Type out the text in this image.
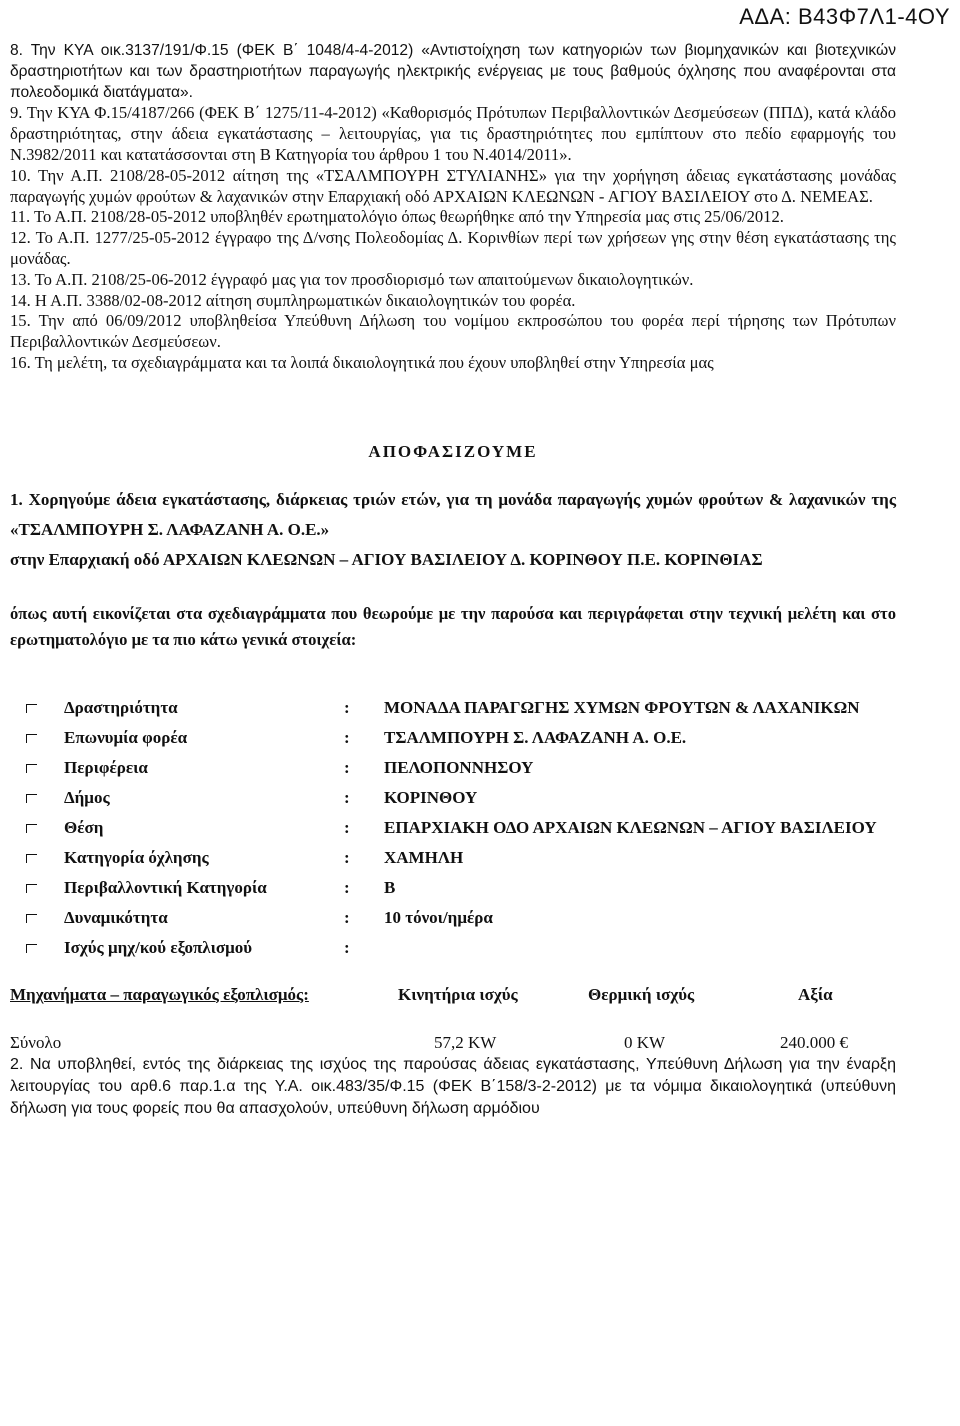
ΑΔΑ: Β43Φ7Λ1-4ΟΥ

8. Την ΚΥΑ οικ.3137/191/Φ.15 (ΦΕΚ Β΄ 1048/4-4-2012) «Αντιστοίχηση των κατηγοριών των βιομηχανικών και βιοτεχνικών δραστηριοτήτων και των δραστηριοτήτων παραγωγής ηλεκτρικής ενέργειας με τους βαθμούς όχλησης που αναφέρονται στα πολεοδομικά διατάγματα».

9. Την ΚΥΑ Φ.15/4187/266 (ΦΕΚ Β΄ 1275/11-4-2012) «Καθορισμός Πρότυπων Περιβαλλοντικών Δεσμεύσεων (ΠΠΔ), κατά κλάδο δραστηριότητας, στην άδεια εγκατάστασης – λειτουργίας, για τις δραστηριότητες που εμπίπτουν στο πεδίο εφαρμογής του Ν.3982/2011 και κατατάσσονται στη Β Κατηγορία του άρθρου 1 του Ν.4014/2011».

10. Την Α.Π. 2108/28-05-2012 αίτηση της «ΤΣΑΛΜΠΟΥΡΗ ΣΤΥΛΙΑΝΗΣ» για την χορήγηση άδειας εγκατάστασης μονάδας παραγωγής χυμών φρούτων & λαχανικών στην Επαρχιακή οδό ΑΡΧΑΙΩΝ ΚΛΕΩΝΩΝ - ΑΓΙΟΥ ΒΑΣΙΛΕΙΟΥ στο Δ. ΝΕΜΕΑΣ.

11. Το Α.Π. 2108/28-05-2012 υποβληθέν ερωτηματολόγιο όπως θεωρήθηκε από την Υπηρεσία μας στις 25/06/2012.

12. Το Α.Π. 1277/25-05-2012 έγγραφο της Δ/νσης Πολεοδομίας Δ. Κορινθίων περί των χρήσεων γης στην θέση εγκατάστασης της μονάδας.

13. Το Α.Π. 2108/25-06-2012 έγγραφό μας για τον προσδιορισμό των απαιτούμενων δικαιολογητικών.

14. Η Α.Π. 3388/02-08-2012 αίτηση συμπληρωματικών δικαιολογητικών του φορέα.

15. Την από 06/09/2012 υποβληθείσα Υπεύθυνη Δήλωση του νομίμου εκπροσώπου του φορέα περί τήρησης των Πρότυπων Περιβαλλοντικών Δεσμεύσεων.

16. Τη μελέτη, τα σχεδιαγράμματα και τα λοιπά δικαιολογητικά που έχουν υποβληθεί στην Υπηρεσία μας

ΑΠΟΦΑΣΙΖΟΥΜΕ

1. Χορηγούμε άδεια εγκατάστασης, διάρκειας τριών ετών, για τη μονάδα παραγωγής χυμών φρούτων & λαχανικών της «ΤΣΑΛΜΠΟΥΡΗ Σ. ΛΑΦΑΖΑΝΗ Α. Ο.Ε.»

στην Επαρχιακή οδό ΑΡΧΑΙΩΝ ΚΛΕΩΝΩΝ – ΑΓΙΟΥ ΒΑΣΙΛΕΙΟΥ Δ. ΚΟΡΙΝΘΟΥ Π.Ε. ΚΟΡΙΝΘΙΑΣ

όπως αυτή εικονίζεται στα σχεδιαγράμματα που θεωρούμε με την παρούσα και περιγράφεται στην τεχνική μελέτη και στο ερωτηματολόγιο με τα πιο κάτω γενικά στοιχεία:

	Δραστηριότητα	:	ΜΟΝΑΔΑ ΠΑΡΑΓΩΓΗΣ ΧΥΜΩΝ ΦΡΟΥΤΩΝ & ΛΑΧΑΝΙΚΩΝ
	Επωνυμία φορέα	:	ΤΣΑΛΜΠΟΥΡΗ Σ. ΛΑΦΑΖΑΝΗ Α. Ο.Ε.
	Περιφέρεια	:	ΠΕΛΟΠΟΝΝΗΣΟΥ
	Δήμος	:	ΚΟΡΙΝΘΟΥ
	Θέση	:	ΕΠΑΡΧΙΑΚΗ ΟΔΟ ΑΡΧΑΙΩΝ ΚΛΕΩΝΩΝ – ΑΓΙΟΥ ΒΑΣΙΛΕΙΟΥ
	Κατηγορία όχλησης	:	ΧΑΜΗΛΗ
	Περιβαλλοντική Κατηγορία	:	Β
	Δυναμικότητα	:	10 τόνοι/ημέρα
	Ισχύς μηχ/κού εξοπλισμού	:	
Μηχανήματα – παραγωγικός εξοπλισμός:	Κινητήρια ισχύς	Θερμική ισχύς	Αξία
Σύνολο	57,2 KW	0 KW	240.000 €

2. Να υποβληθεί, εντός της διάρκειας της ισχύος της παρούσας άδειας εγκατάστασης, Υπεύθυνη Δήλωση για την έναρξη λειτουργίας του αρθ.6 παρ.1.α της Υ.Α. οικ.483/35/Φ.15 (ΦΕΚ Β΄158/3-2-2012) με τα νόμιμα δικαιολογητικά (υπεύθυνη δήλωση για τους φορείς που θα απασχολούν, υπεύθυνη δήλωση αρμόδιου
